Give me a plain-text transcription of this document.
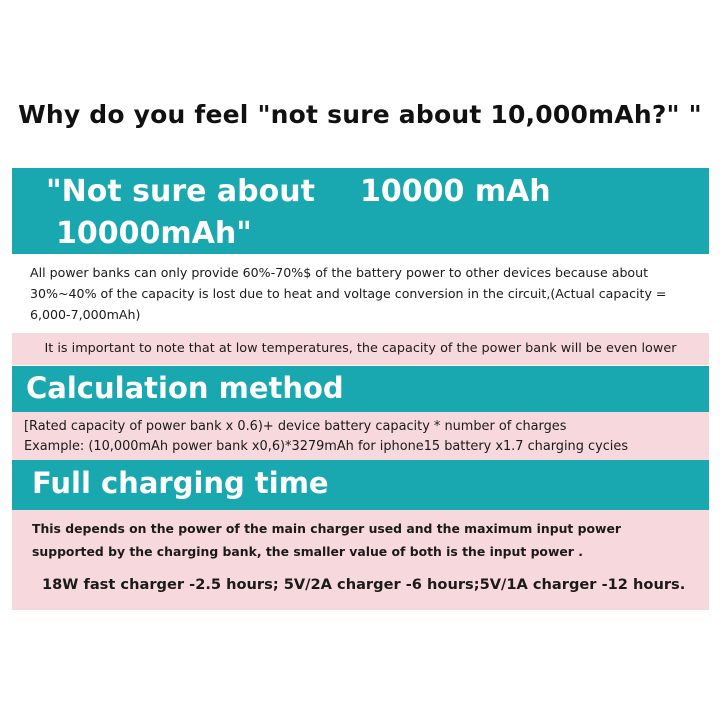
Why do you feel "not sure about 10,000mAh?" "
"Not sure about
10000mAh"
10000 mAh
All power banks can only provide 60%-70%$ of the battery power to other devices because about 30%~40% of the capacity is lost due to heat and voltage conversion in the circuit,(Actual capacity = 6,000-7,000mAh)
It is important to note that at low temperatures, the capacity of the power bank will be even lower
Calculation method
[Rated capacity of power bank x 0.6)+ device battery capacity * number of charges
Example: (10,000mAh power bank x0,6)*3279mAh for iphone15 battery x1.7 charging cycies
Full charging time
This depends on the power of the main charger used and the maximum input power supported by the charging bank, the smaller value of both is the input power .
18W fast charger -2.5 hours; 5V/2A charger -6 hours;5V/1A charger -12 hours.
